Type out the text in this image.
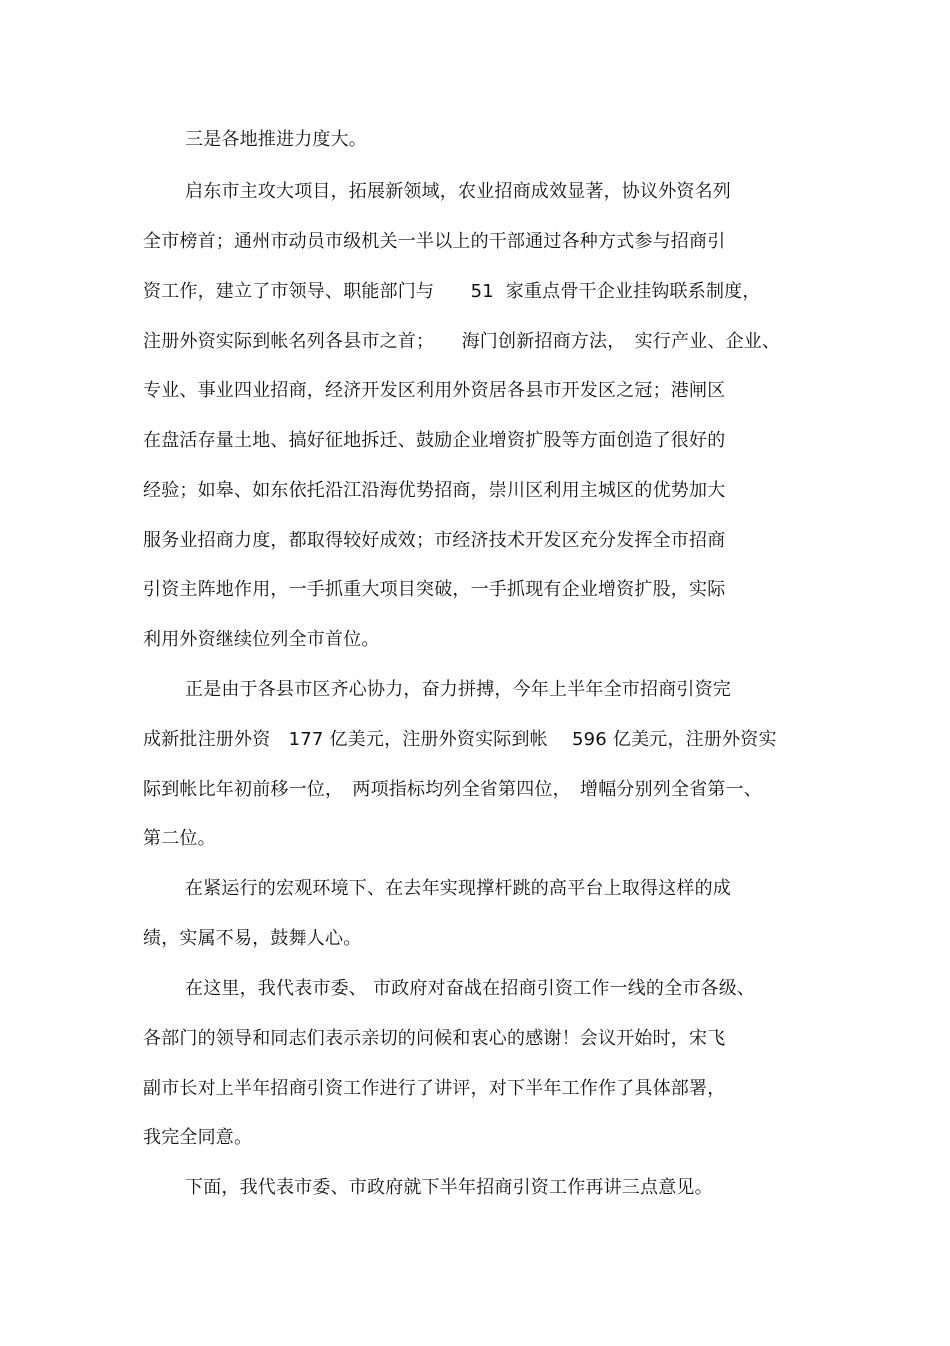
三是各地推进力度大。
启东市主攻大项目，拓展新领域，农业招商成效显著，协议外资名列
全市榜首；通州市动员市级机关一半以上的干部通过各种方式参与招商引
资工作，建立了市领导、职能部门与　　51  家重点骨干企业挂钩联系制度，
注册外资实际到帐名列各县市之首；　　海门创新招商方法，　实行产业、企业、
专业、事业四业招商，经济开发区利用外资居各县市开发区之冠；港闸区
在盘活存量土地、搞好征地拆迁、鼓励企业增资扩股等方面创造了很好的
经验；如皋、如东依托沿江沿海优势招商，崇川区利用主城区的优势加大
服务业招商力度，都取得较好成效；市经济技术开发区充分发挥全市招商
引资主阵地作用，一手抓重大项目突破，一手抓现有企业增资扩股，实际
利用外资继续位列全市首位。
正是由于各县市区齐心协力，奋力拼搏，今年上半年全市招商引资完
成新批注册外资　177 亿美元，注册外资实际到帐　 596 亿美元，注册外资实
际到帐比年初前移一位，　两项指标均列全省第四位，　增幅分别列全省第一、
第二位。
在紧运行的宏观环境下、在去年实现撑杆跳的高平台上取得这样的成
绩，实属不易，鼓舞人心。
在这里，我代表市委、 市政府对奋战在招商引资工作一线的全市各级、
各部门的领导和同志们表示亲切的问候和衷心的感谢！会议开始时，宋飞
副市长对上半年招商引资工作进行了讲评，对下半年工作作了具体部署，
我完全同意。
下面，我代表市委、市政府就下半年招商引资工作再讲三点意见。
